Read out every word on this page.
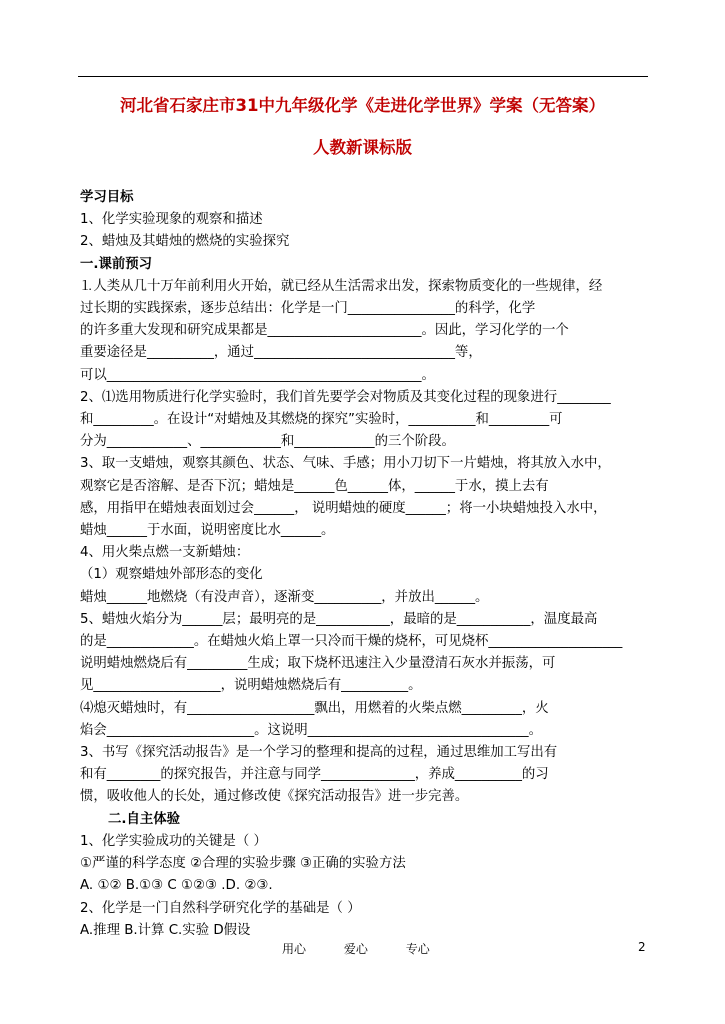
河北省石家庄市31中九年级化学《走进化学世界》学案（无答案）
人教新课标版
学习目标
1、化学实验现象的观察和描述
2、蜡烛及其蜡烛的燃烧的实验探究
一.课前预习
⒈人类从几十万年前利用火开始，就已经从生活需求出发，探索物质变化的一些规律，经
过长期的实践探索，逐步总结出：化学是一门________________的科学，化学
的许多重大发现和研究成果都是_______________________。因此，学习化学的一个
重要途径是__________，通过______________________________等，
可以_______________________________________________。
2、⑴选用物质进行化学实验时，我们首先要学会对物质及其变化过程的现象进行________
和_________。在设计“对蜡烛及其燃烧的探究”实验时，__________和_________可
分为____________、____________和____________的三个阶段。
3、取一支蜡烛，观察其颜色、状态、气味、手感；用小刀切下一片蜡烛，将其放入水中，
观察它是否溶解、是否下沉；蜡烛是______色______体，______于水，摸上去有
感，用指甲在蜡烛表面划过会______， 说明蜡烛的硬度______；将一小块蜡烛投入水中，
蜡烛______于水面，说明密度比水______。
4、用火柴点燃一支新蜡烛：
（1）观察蜡烛外部形态的变化
蜡烛______地燃烧（有没声音），逐渐变__________，并放出______。
5、蜡烛火焰分为______层；最明亮的是___________，最暗的是___________，温度最高
的是_____________。在蜡烛火焰上罩一只冷而干燥的烧杯，可见烧杯____________________
说明蜡烛燃烧后有_________生成；取下烧杯迅速注入少量澄清石灰水并振荡，可
见___________________，说明蜡烛燃烧后有__________。
⑷熄灭蜡烛时，有___________________飘出，用燃着的火柴点燃_________，火
焰会______________________。这说明_________________________________。
3、书写《探究活动报告》是一个学习的整理和提高的过程，通过思维加工写出有
和有________的探究报告，并注意与同学______________，养成__________的习
惯，吸收他人的长处，通过修改使《探究活动报告》进一步完善。
二.自主体验
1、化学实验成功的关键是（ ）
①严谨的科学态度 ②合理的实验步骤 ③正确的实验方法
A. ①② B.①③ C ①②③ .D. ②③.
2、化学是一门自然科学研究化学的基础是（ ）
A.推理 B.计算 C.实验 D假设
用心	爱心	专心	2
